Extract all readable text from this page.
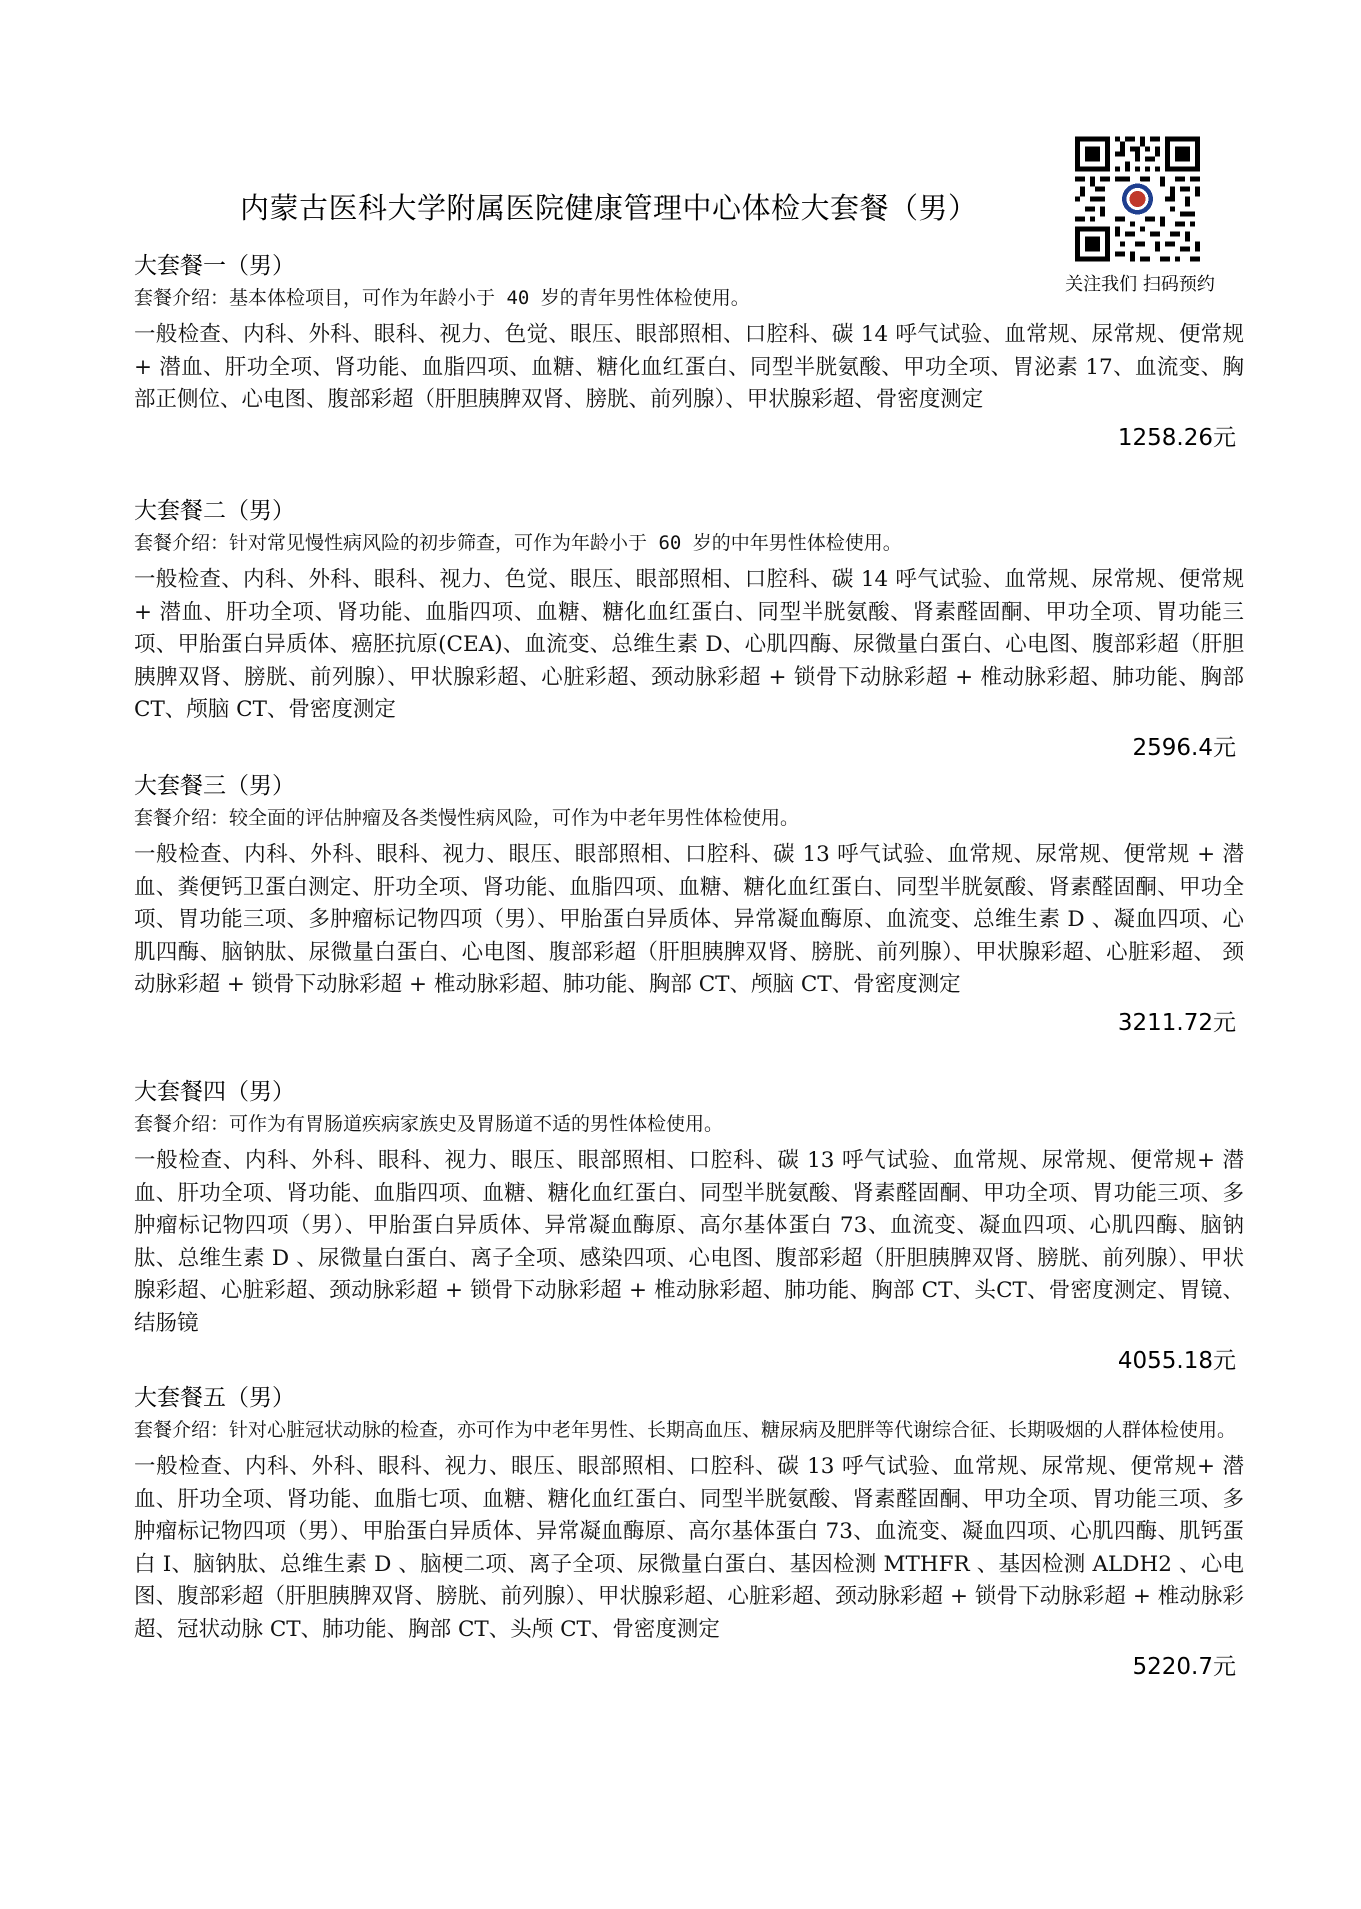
内蒙古医科大学附属医院健康管理中心体检大套餐（男）
关注我们 扫码预约
大套餐一（男）
套餐介绍：基本体检项目，可作为年龄小于 40 岁的青年男性体检使用。
一般检查、内科、外科、眼科、视力、色觉、眼压、眼部照相、口腔科、碳 14 呼气试验、血常规、尿常规、便常规 + 潜血、肝功全项、肾功能、血脂四项、血糖、糖化血红蛋白、同型半胱氨酸、甲功全项、胃泌素 17、血流变、胸部正侧位、心电图、腹部彩超（肝胆胰脾双肾、膀胱、前列腺）、甲状腺彩超、骨密度测定
1258.26元
大套餐二（男）
套餐介绍：针对常见慢性病风险的初步筛查，可作为年龄小于 60 岁的中年男性体检使用。
一般检查、内科、外科、眼科、视力、色觉、眼压、眼部照相、口腔科、碳 14 呼气试验、血常规、尿常规、便常规 + 潜血、肝功全项、肾功能、血脂四项、血糖、糖化血红蛋白、同型半胱氨酸、肾素醛固酮、甲功全项、胃功能三项、甲胎蛋白异质体、癌胚抗原(CEA)、血流变、总维生素 D、心肌四酶、尿微量白蛋白、心电图、腹部彩超（肝胆胰脾双肾、膀胱、前列腺）、甲状腺彩超、心脏彩超、颈动脉彩超 + 锁骨下动脉彩超 + 椎动脉彩超、肺功能、胸部 CT、颅脑 CT、骨密度测定
2596.4元
大套餐三（男）
套餐介绍：较全面的评估肿瘤及各类慢性病风险，可作为中老年男性体检使用。
一般检查、内科、外科、眼科、视力、眼压、眼部照相、口腔科、碳 13 呼气试验、血常规、尿常规、便常规 + 潜血、粪便钙卫蛋白测定、肝功全项、肾功能、血脂四项、血糖、糖化血红蛋白、同型半胱氨酸、肾素醛固酮、甲功全项、胃功能三项、多肿瘤标记物四项（男）、甲胎蛋白异质体、异常凝血酶原、血流变、总维生素 D 、凝血四项、心肌四酶、脑钠肽、尿微量白蛋白、心电图、腹部彩超（肝胆胰脾双肾、膀胱、前列腺）、甲状腺彩超、心脏彩超、 颈动脉彩超 + 锁骨下动脉彩超 + 椎动脉彩超、肺功能、胸部 CT、颅脑 CT、骨密度测定
3211.72元
大套餐四（男）
套餐介绍：可作为有胃肠道疾病家族史及胃肠道不适的男性体检使用。
一般检查、内科、外科、眼科、视力、眼压、眼部照相、口腔科、碳 13 呼气试验、血常规、尿常规、便常规+ 潜血、肝功全项、肾功能、血脂四项、血糖、糖化血红蛋白、同型半胱氨酸、肾素醛固酮、甲功全项、胃功能三项、多肿瘤标记物四项（男）、甲胎蛋白异质体、异常凝血酶原、高尔基体蛋白 73、血流变、凝血四项、心肌四酶、脑钠肽、总维生素 D 、尿微量白蛋白、离子全项、感染四项、心电图、腹部彩超（肝胆胰脾双肾、膀胱、前列腺）、甲状腺彩超、心脏彩超、颈动脉彩超 + 锁骨下动脉彩超 + 椎动脉彩超、肺功能、胸部 CT、头CT、骨密度测定、胃镜、结肠镜
4055.18元
大套餐五（男）
套餐介绍：针对心脏冠状动脉的检查，亦可作为中老年男性、长期高血压、糖尿病及肥胖等代谢综合征、长期吸烟的人群体检使用。
一般检查、内科、外科、眼科、视力、眼压、眼部照相、口腔科、碳 13 呼气试验、血常规、尿常规、便常规+ 潜血、肝功全项、肾功能、血脂七项、血糖、糖化血红蛋白、同型半胱氨酸、肾素醛固酮、甲功全项、胃功能三项、多肿瘤标记物四项（男）、甲胎蛋白异质体、异常凝血酶原、高尔基体蛋白 73、血流变、凝血四项、心肌四酶、肌钙蛋白 I、脑钠肽、总维生素 D 、脑梗二项、离子全项、尿微量白蛋白、基因检测 MTHFR 、基因检测 ALDH2 、心电图、腹部彩超（肝胆胰脾双肾、膀胱、前列腺）、甲状腺彩超、心脏彩超、颈动脉彩超 + 锁骨下动脉彩超 + 椎动脉彩超、冠状动脉 CT、肺功能、胸部 CT、头颅 CT、骨密度测定
5220.7元
